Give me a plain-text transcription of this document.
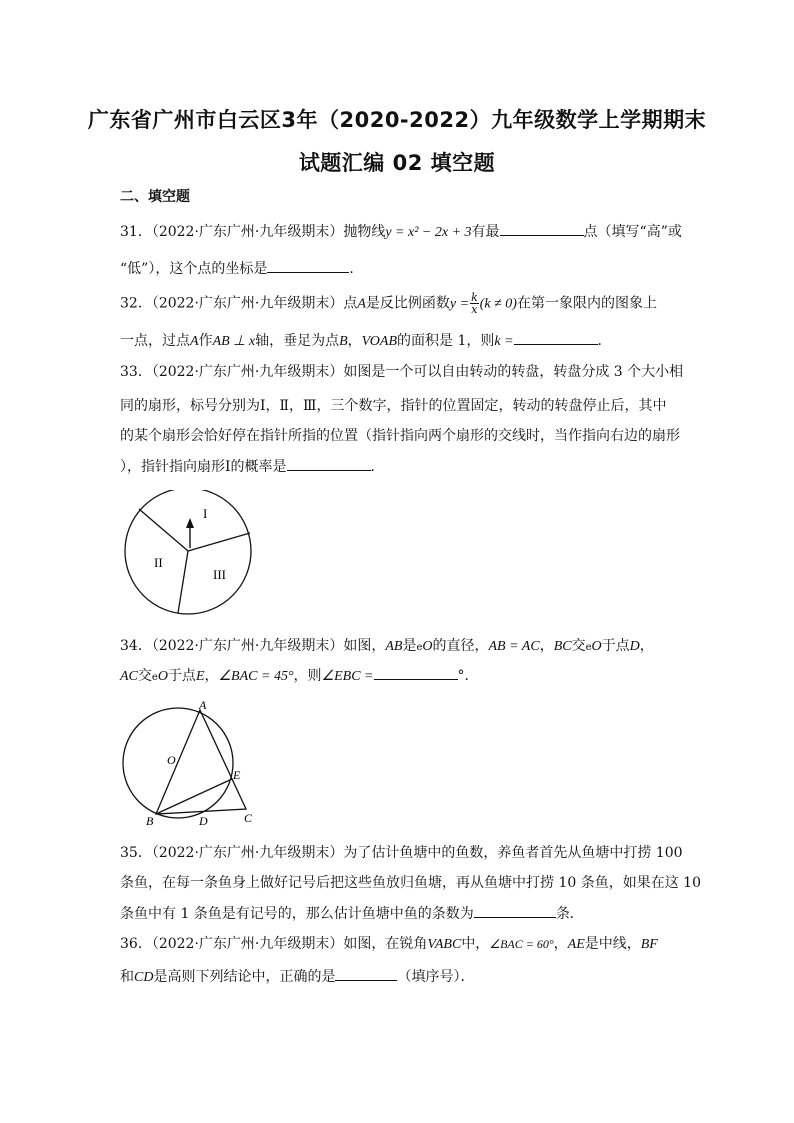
广东省广州市白云区3年（2020-2022）九年级数学上学期期末
试题汇编 02 填空题
二、填空题
31．（2022·广东广州·九年级期末）抛物线y = x² − 2x + 3有最	点（填写“高”或
“低”），这个点的坐标是	．
32．（2022·广东广州·九年级期末）点A是反比例函数$y = \frac{k}{x} (k \ne 0)$在第一象限内的图象上
一点，过点A作AB ⊥ x轴，垂足为点B，VOAB的面积是 1，则k =	．
33．（2022·广东广州·九年级期末）如图是一个可以自由转动的转盘，转盘分成 3 个大小相
同的扇形，标号分别为Ⅰ，Ⅱ，Ⅲ，三个数字，指针的位置固定，转动的转盘停止后，其中
的某个扇形会恰好停在指针所指的位置（指针指向两个扇形的交线时，当作指向右边的扇形
），指针指向扇形Ⅰ的概率是	．
I
II
III
34．（2022·广东广州·九年级期末）如图，AB是eO的直径，AB = AC，BC交eO于点D，
AC交eO于点E，∠BAC = 45°，则∠EBC =	°．
A
O
E
B	D	C
35．（2022·广东广州·九年级期末）为了估计鱼塘中的鱼数，养鱼者首先从鱼塘中打捞 100
条鱼，在每一条鱼身上做好记号后把这些鱼放归鱼塘，再从鱼塘中打捞 10 条鱼，如果在这 10
条鱼中有 1 条鱼是有记号的，那么估计鱼塘中鱼的条数为	条．
36．（2022·广东广州·九年级期末）如图，在锐角VABC中，∠BAC = 60°，AE是中线，BF
和CD是高则下列结论中，正确的是	（填序号）．
